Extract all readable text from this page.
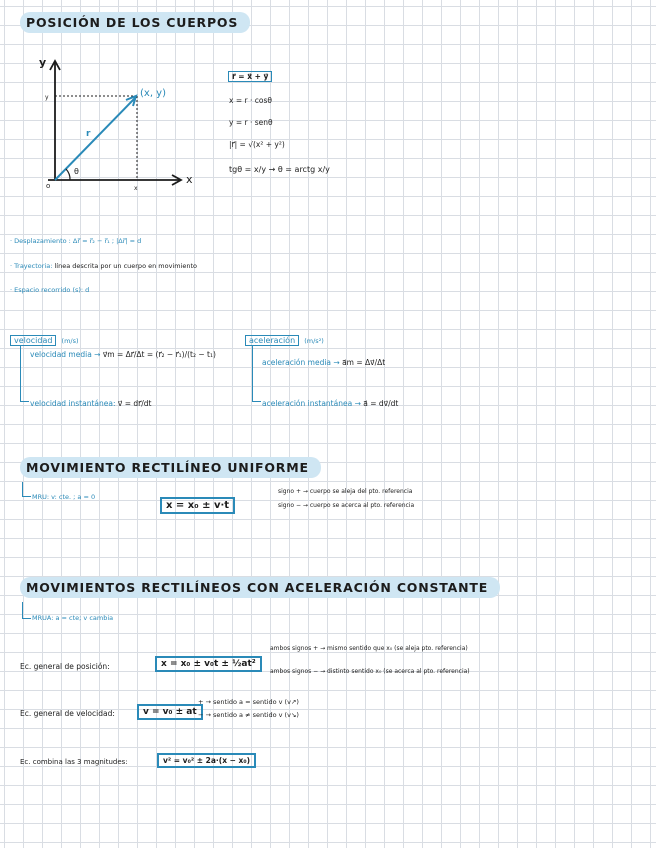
POSICIÓN DE LOS CUERPOS
y
x
y
x
o
(x, y)
r
θ
r⃗ = x⃗ + y⃗
x = r · cosθ
y = r · senθ
|r⃗| = √(x² + y²)
tgθ = x/y → θ = arctg x/y
· Desplazamiento : Δr⃗ = r⃗₂ − r⃗₁ ; |Δr⃗| = d
· Trayectoria: línea descrita por un cuerpo en movimiento
· Espacio recorrido (s): d
velocidad (m/s)
velocidad media → v⃗m = Δr⃗/Δt = (r⃗₂ − r⃗₁)/(t₂ − t₁)
velocidad instantánea: v⃗ = dr⃗/dt
aceleración (m/s²)
aceleración media → a⃗m = Δv⃗/Δt
aceleración instantánea → a⃗ = dv⃗/dt
MOVIMIENTO RECTILÍNEO UNIFORME
MRU: v: cte. ; a = 0
x = x₀ ± v·t
signo + → cuerpo se aleja del pto. referencia
signo − → cuerpo se acerca al pto. referencia
MOVIMIENTOS RECTILÍNEOS CON ACELERACIÓN CONSTANTE
MRUA: a = cte; v cambia
Ec. general de posición:	x = x₀ ± v₀t ± ½at²
ambos signos + → mismo sentido que x₀ (se aleja pto. referencia)
ambos signos − → distinto sentido x₀ (se acerca al pto. referencia)
Ec. general de velocidad:	v = v₀ ± at
+ → sentido a = sentido v (v↗)
− → sentido a ≠ sentido v (v↘)
Ec. combina las 3 magnitudes:	v² = v₀² ± 2a·(x − x₀)
